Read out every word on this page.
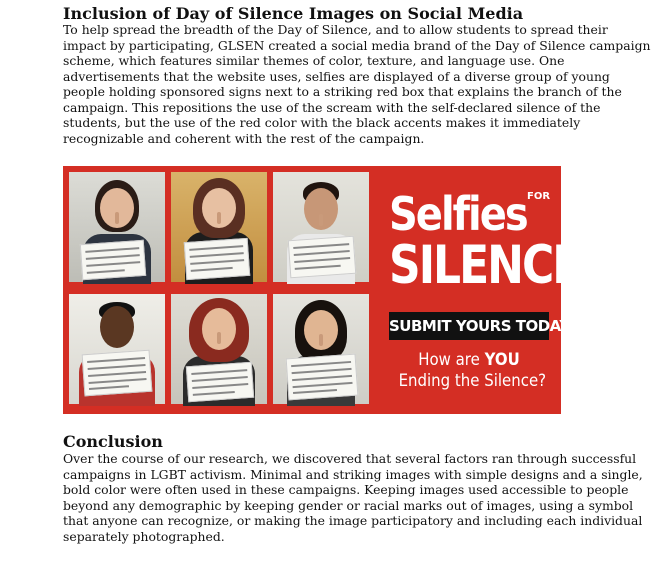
Inclusion of Day of Silence Images on Social Media

To help spread the breadth of the Day of Silence, and to allow students to spread their
impact by participating, GLSEN created a social media brand of the Day of Silence campaign
scheme, which features similar themes of color, texture, and language use. One
advertisements that the website uses, selfies are displayed of a diverse group of young
people holding sponsored signs next to a striking red box that explains the branch of the
campaign. This repositions the use of the scream with the self-declared silence of the
students, but the use of the red color with the black accents makes it immediately
recognizable and coherent with the rest of the campaign.

Selfies FOR
SILENCE
SUBMIT YOURS TODAY
How are YOU
Ending the Silence?
Conclusion

Over the course of our research, we discovered that several factors ran through successful
campaigns in LGBT activism. Minimal and striking images with simple designs and a single,
bold color were often used in these campaigns. Keeping images used accessible to people
beyond any demographic by keeping gender or racial marks out of images, using a symbol
that anyone can recognize, or making the image participatory and including each individual
separately photographed.
